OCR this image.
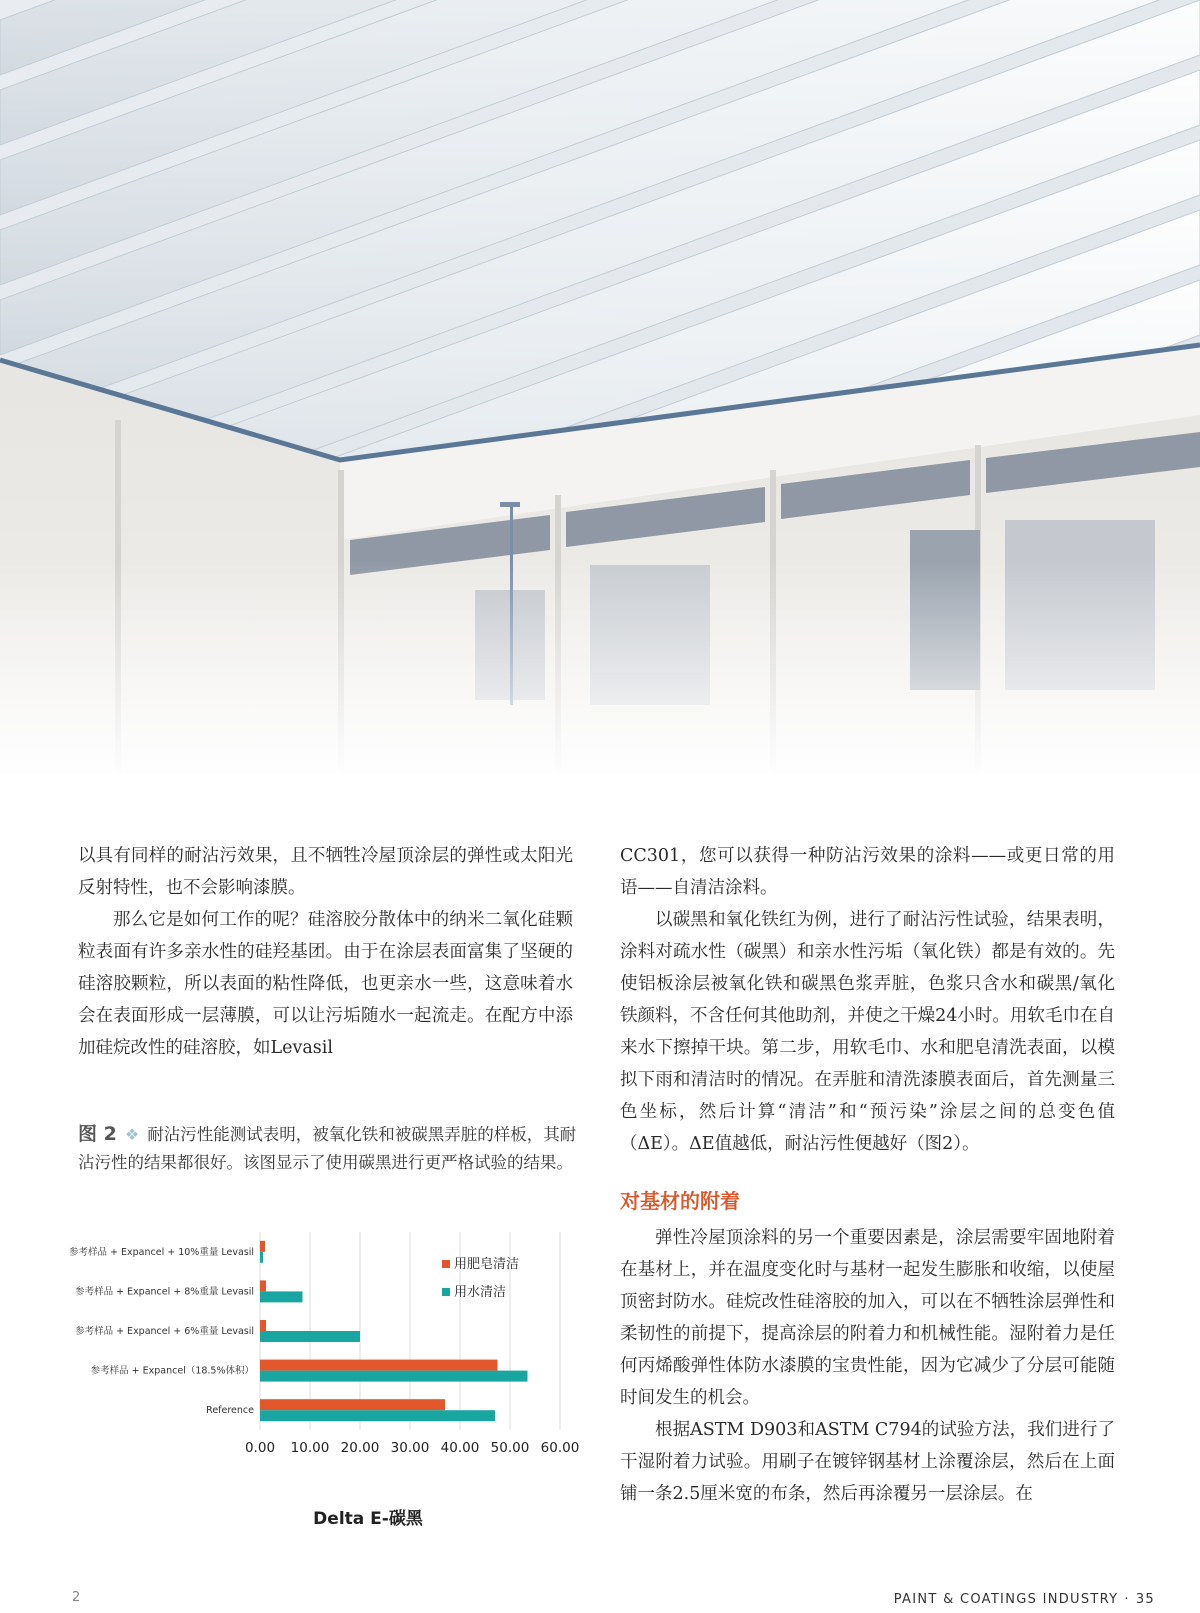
以具有同样的耐沾污效果，且不牺牲冷屋顶涂层的弹性或太阳光反射特性，也不会影响漆膜。

那么它是如何工作的呢？硅溶胶分散体中的纳米二氧化硅颗粒表面有许多亲水性的硅羟基团。由于在涂层表面富集了坚硬的硅溶胶颗粒，所以表面的粘性降低，也更亲水一些，这意味着水会在表面形成一层薄膜，可以让污垢随水一起流走。在配方中添加硅烷改性的硅溶胶，如Levasil

图 2 ❖ 耐沾污性能测试表明，被氧化铁和被碳黑弄脏的样板，其耐沾污性的结果都很好。该图显示了使用碳黑进行更严格试验的结果。
参考样品 + Expancel + 10%重量 Levasil
参考样品 + Expancel + 8%重量 Levasil
参考样品 + Expancel + 6%重量 Levasil
参考样品 + Expancel（18.5%体积）
Reference
0.00 10.00 20.00 30.00 40.00 50.00 60.00
Delta E-碳黑
用肥皂清洁
用水清洁

CC301，您可以获得一种防沾污效果的涂料——或更日常的用语——自清洁涂料。

以碳黑和氧化铁红为例，进行了耐沾污性试验，结果表明，涂料对疏水性（碳黑）和亲水性污垢（氧化铁）都是有效的。先使铝板涂层被氧化铁和碳黑色浆弄脏，色浆只含水和碳黑/氧化铁颜料，不含任何其他助剂，并使之干燥24小时。用软毛巾在自来水下擦掉干块。第二步，用软毛巾、水和肥皂清洗表面，以模拟下雨和清洁时的情况。在弄脏和清洗漆膜表面后，首先测量三色坐标，然后计算“清洁”和“预污染”涂层之间的总变色值（ΔE）。ΔE值越低，耐沾污性便越好（图2）。

对基材的附着

弹性冷屋顶涂料的另一个重要因素是，涂层需要牢固地附着在基材上，并在温度变化时与基材一起发生膨胀和收缩，以使屋顶密封防水。硅烷改性硅溶胶的加入，可以在不牺牲涂层弹性和柔韧性的前提下，提高涂层的附着力和机械性能。湿附着力是任何丙烯酸弹性体防水漆膜的宝贵性能，因为它减少了分层可能随时间发生的机会。

根据ASTM D903和ASTM C794的试验方法，我们进行了干湿附着力试验。用刷子在镀锌钢基材上涂覆涂层，然后在上面铺一条2.5厘米宽的布条，然后再涂覆另一层涂层。在

2	PAINT & COATINGS INDUSTRY · 35
